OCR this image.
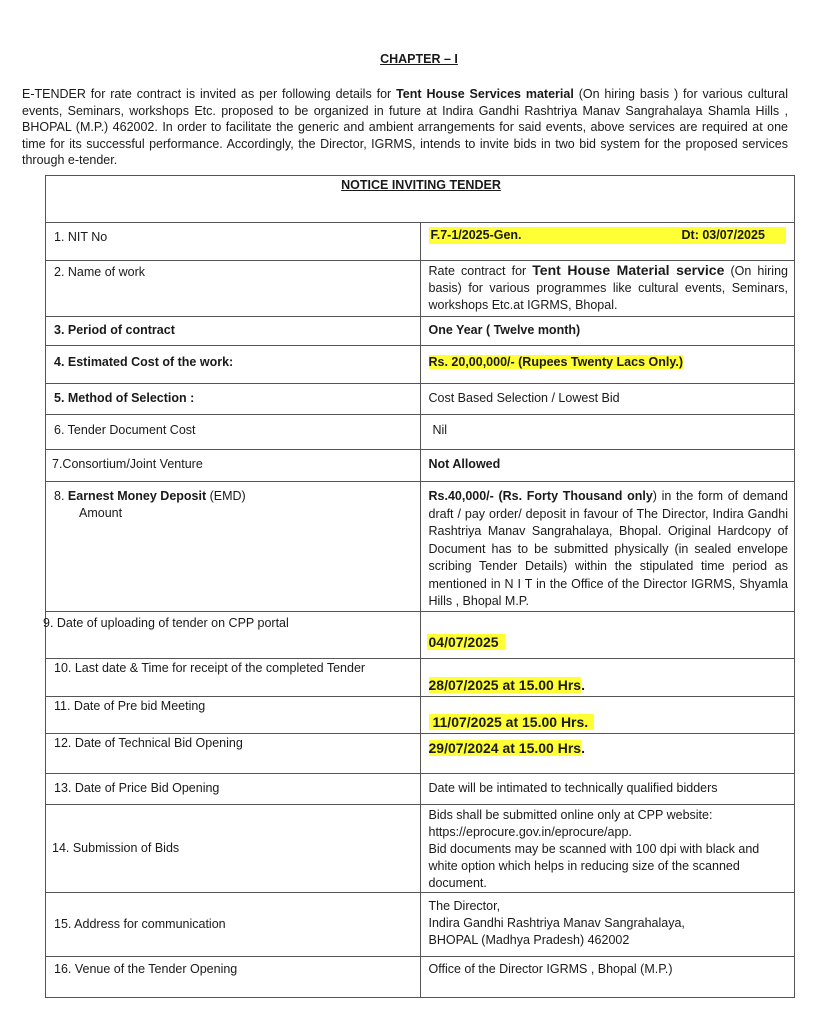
CHAPTER – I
E-TENDER for rate contract is invited as per following details for Tent House Services material (On hiring basis ) for various cultural events, Seminars, workshops Etc. proposed to be organized in future at Indira Gandhi Rashtriya Manav Sangrahalaya Shamla Hills , BHOPAL (M.P.) 462002. In order to facilitate the generic and ambient arrangements for said events, above services are required at one time for its successful performance. Accordingly, the Director, IGRMS, intends to invite bids in two bid system for the proposed services through e-tender.
NOTICE INVITING TENDER
1. NIT No	F.7-1/2025-Gen.	Dt: 03/07/2025
2. Name of work	Rate contract for Tent House Material service (On hiring basis) for various programmes like cultural events, Seminars, workshops Etc.at IGRMS, Bhopal.
3. Period of contract	One Year ( Twelve month)
4. Estimated Cost of the work:	Rs. 20,00,000/- (Rupees Twenty Lacs Only.)
5. Method of Selection :	Cost Based Selection / Lowest Bid
6. Tender Document Cost	Nil
7.Consortium/Joint Venture	Not Allowed
8. Earnest Money Deposit (EMD)
Amount	Rs.40,000/- (Rs. Forty Thousand only) in the form of demand draft / pay order/ deposit in favour of The Director, Indira Gandhi Rashtriya Manav Sangrahalaya, Bhopal. Original Hardcopy of Document has to be submitted physically (in sealed envelope scribing Tender Details) within the stipulated time period as mentioned in N I T in the Office of the Director IGRMS, Shyamla Hills , Bhopal M.P.
9. Date of uploading of tender on CPP portal	04/07/2025
10. Last date & Time for receipt of the completed Tender	28/07/2025 at 15.00 Hrs.
11. Date of Pre bid Meeting	11/07/2025 at 15.00 Hrs.
12. Date of Technical Bid Opening	29/07/2024 at 15.00 Hrs.
13. Date of Price Bid Opening	Date will be intimated to technically qualified bidders
14. Submission of Bids	Bids shall be submitted online only at CPP website:
https://eprocure.gov.in/eprocure/app.
Bid documents may be scanned with 100 dpi with black and white option which helps in reducing size of the scanned document.

15. Address for communication	The Director,
Indira Gandhi Rashtriya Manav Sangrahalaya,
BHOPAL (Madhya Pradesh) 462002

16. Venue of the Tender Opening	Office of the Director IGRMS , Bhopal (M.P.)
